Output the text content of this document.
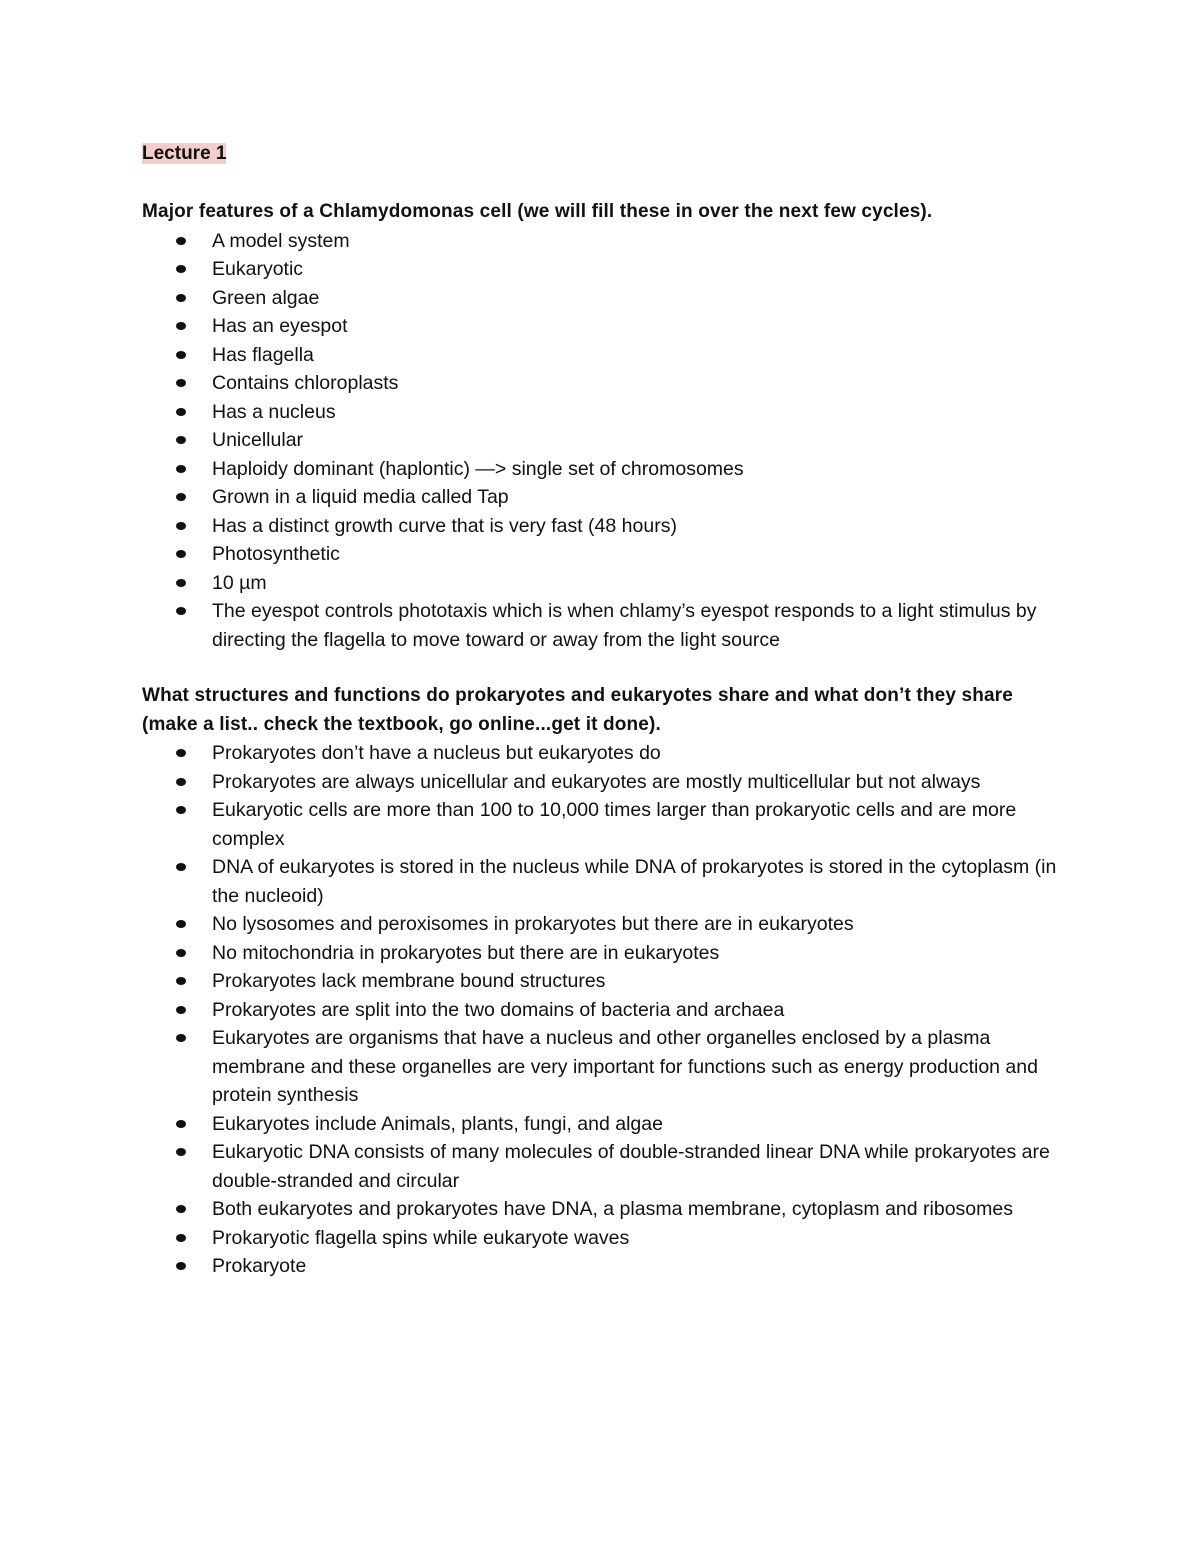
Lecture 1

Major features of a Chlamydomonas cell (we will fill these in over the next few cycles).

A model system
Eukaryotic
Green algae
Has an eyespot
Has flagella
Contains chloroplasts
Has a nucleus
Unicellular
Haploidy dominant (haplontic) —> single set of chromosomes
Grown in a liquid media called Tap
Has a distinct growth curve that is very fast (48 hours)
Photosynthetic
10 µm
The eyespot controls phototaxis which is when chlamy’s eyespot responds to a light stimulus by directing the flagella to move toward or away from the light source

What structures and functions do prokaryotes and eukaryotes share and what don’t they share (make a list.. check the textbook, go online...get it done).

Prokaryotes don’t have a nucleus but eukaryotes do
Prokaryotes are always unicellular and eukaryotes are mostly multicellular but not always
Eukaryotic cells are more than 100 to 10,000 times larger than prokaryotic cells and are more complex
DNA of eukaryotes is stored in the nucleus while DNA of prokaryotes is stored in the cytoplasm (in the nucleoid)
No lysosomes and peroxisomes in prokaryotes but there are in eukaryotes
No mitochondria in prokaryotes but there are in eukaryotes
Prokaryotes lack membrane bound structures
Prokaryotes are split into the two domains of bacteria and archaea
Eukaryotes are organisms that have a nucleus and other organelles enclosed by a plasma membrane and these organelles are very important for functions such as energy production and protein synthesis
Eukaryotes include Animals, plants, fungi, and algae
Eukaryotic DNA consists of many molecules of double-stranded linear DNA while prokaryotes are double-stranded and circular
Both eukaryotes and prokaryotes have DNA, a plasma membrane, cytoplasm and ribosomes
Prokaryotic flagella spins while eukaryote waves
Prokaryote
